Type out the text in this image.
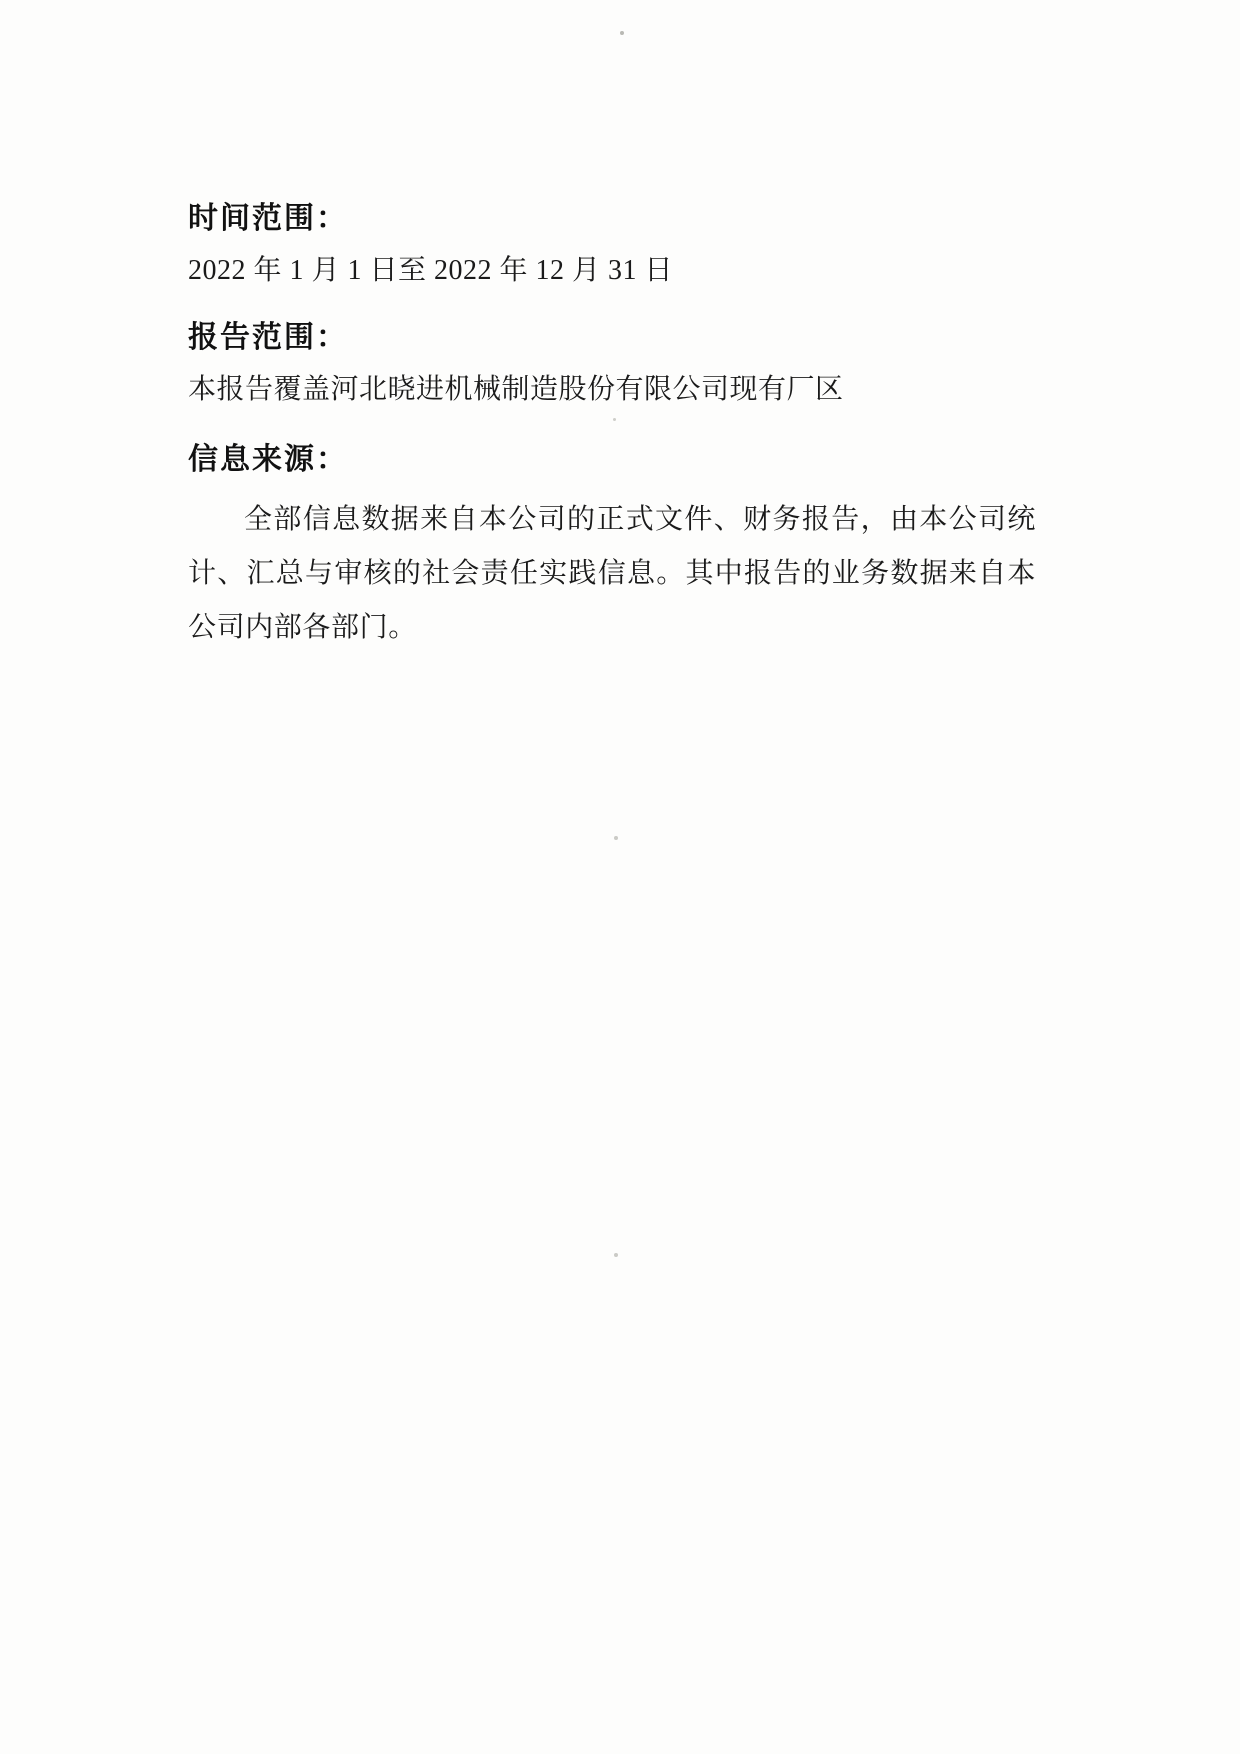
时间范围：

2022 年 1 月 1 日至 2022 年 12 月 31 日

报告范围：

本报告覆盖河北晓进机械制造股份有限公司现有厂区

信息来源：

全部信息数据来自本公司的正式文件、财务报告，由本公司统计、汇总与审核的社会责任实践信息。其中报告的业务数据来自本公司内部各部门。
